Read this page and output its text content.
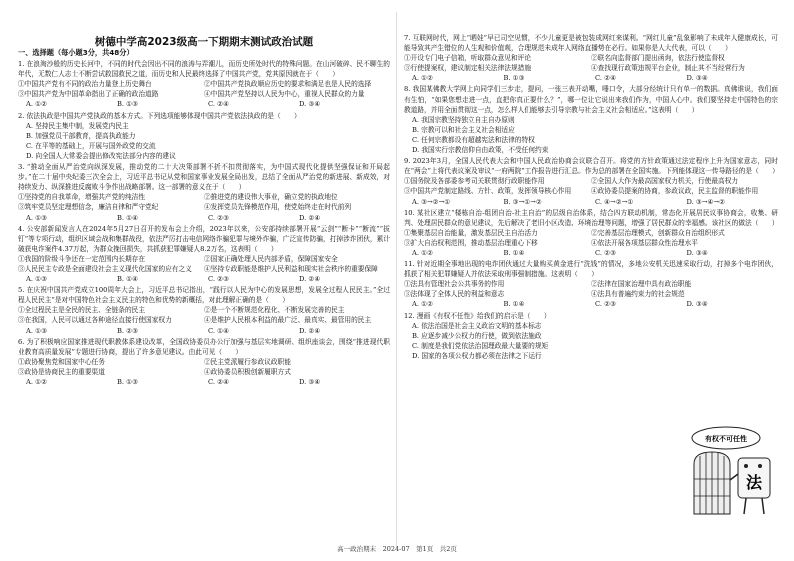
树德中学高2023级高一下期期末测试政治试题
一、选择题（每小题3分，共48分）

1. 在浪淘沙般的历史长河中，不同的时代会因出不同的浪涛与弄潮儿，而历史所处时代的特殊问题。在山河破碎、民不聊生的年代，无数仁人志士不断尝试救国救民之道，而历史和人民最终选择了中国共产党，党其原因就在于（　　）

①中国共产党有不同的政治力量登上历史舞台	②中国共产党执政顺应历史的要求和满足也是人民的选择
③中国共产党为中国革命指出了正确的政治道路	④中国共产党坚持以人民为中心，重视人民群众的力量
A. ①②	B. ①③	C. ②④	D. ③④

2. 依法执政是中国共产党执政的基本方式。下列选项能够体现中国共产党依法执政的是（　　）

A. 坚持民主集中制，发展党内民主

B. 加强党员干部教育，提高执政能力

C. 在平等的基础上，开展与国外政党的交流

D. 向全国人大常委会提出修改宪法部分内容的建议

3. “推动全面从严治党向纵深发展，推动党的二十大决策部署不折不扣贯彻落实，为中国式现代化提供坚强保证和开局起步。”在二十届中央纪委三次全会上，习近平总书记从党和国家事业发展全局出发，总结了全面从严治党的新进展、新成效，对持续发力、纵深推进反腐败斗争作出战略部署。这一部署的意义在于（　　）

①坚持党的自我革命，增强共产党的纯洁性	②推进党的建设伟大事业，确立党的执政地位
③筑牢党员坚定理想信念，廉洁自律和严守党纪	④发挥党员先锋模范作用，使党始终走在时代前列
A. ①③	B. ①④	C. ②③	D. ②④

4. 公安部新闻发言人在2024年5月27日召开的发布会上介绍，2023年以来，公安部持续部署开展“云剑”“断卡”“断流”“拔钉”等专项行动，组织区域会战和集群战役，依法严厉打击电信网络诈骗犯罪与境外诈骗，广泛宣传防骗，打掉涉诈团伙，累计破获电诈案件4.37万起，为群众挽回损失，共抓获犯罪嫌疑人8.2万名，这表明（　　）

①我国的阶级斗争还在一定范围内长期存在	②国家正确处理人民内部矛盾，保障国家安全
③人民民主专政是全面建设社会主义现代化国家的应有之义	④坚持专政职能是维护人民利益和现实社会秩序的重要保障
A. ①③	B. ①④	C. ②③	D. ②④

5. 在庆祝中国共产党成立100周年大会上，习近平总书记指出，“践行以人民为中心的发展思想，发展全过程人民民主。”全过程人民民主”是对中国特色社会主义民主的特色和优势的新概括，对此理解正确的是（　　）

①全过程民主是全民的民主、全链条的民主	②是一个不断规范化程化、不断发展完善的民主
③在我国，人民可以通过各种途径直接行使国家权力	④是维护人民根本利益的最广泛、最真实、最管用的民主
A. ①③	B. ②③	C. ①④	D. ②④

6. 为了积极响应国家推进现代职教体系建设改革，全国政协委员办公厅加强与基层实地调研、组织座谈会，围绕“推进现代职业教育高质量发展”专题进行协商，提出了许多意见建议。由此可见（　　）

①政协聚焦党和国家中心任务	②民主党派履行参政议政职能
③政协是协商民主的重要渠道	④政协委员积极创新履职方式
A. ①②	B. ①③	C. ②④	D. ③④

7. 互联网时代，网上“晒娃”早已司空见惯，不少儿童更是被包装成网红来谋利。“网红儿童”乱象影响了未成年人健康成长，可能导致其产生错位的人生观和价值观，合理规范未成年人网络直播势在必行。如果你是人大代表，可以（　　）

①开设专门电子信箱，听取群众意见和评论	②联名向监督部门提出函询，依法行使监督权
③行使提案权，建议制定相关法律法规措施	④查找现行政策违规平台企业，制止其不当经营行为
A. ①②	B. ①③	C. ②④	D. ③④

8. 我国某佛教大学网上向同学们三步走，提问，一张三表开动嘴，唾口令，大部分经统计只有单一的数据。真佛谁说，我们面有生怕，“如果您想走进一点，直把你真正要什么？”，哪一位让它说出来我们作为，中国人心中。我们要坚持走中国特色的宗教道路，并用全面贯彻这一点，怎么样人们能够去引导宗教与社会主义社会相适应。”这表明（　　）

A. 我国宗教坚持独立自主自办原则

B. 宗教可以和社会主义社会相适应

C. 任何宗教都设有超越宪法和法律的特权

D. 我国实行宗教信仰自由政策，不受任何约束

9. 2023年3月，全国人民代表大会和中国人民政治协商会议联合召开。将党的方针政策通过法定程序上升为国家意志，同时在“两会”上将代表议案及审议“一府两院”工作报告进行汇总。作为总的部署在全国实施。下列能体现这一传导路径的是（　　）

①国务院及各部委参考司关联贯彻行政职能作用	②全国人大作为最高国家权力机关，行使最高权力
③中国共产党制定路线、方针、政策，发挥领导核心作用	④政协委员提案的协商，参政议政，民主监督的职能作用
A. ③→②→①	B. ③→①→②	C. ④→②→①	D. ③→④→②

10. 某社区建立“楼栋自治-组团自治-社主自治”的层级自治体系，结合四方联动机制，常态化开展居民议事协商会，收集、研判、处理居民群众的意见建议，先后解决了老旧小区改造、环境治理等问题，增强了居民群众的幸福感。该社区的做法（　　）

①集聚基层自治能量，激发基层民主自治活力	②完善基层治理模式，创新群众自治组织形式
③扩大自治权利范围，推动基层治理重心下移	④依法开展各项基层群众性治理水平
A. ①②	B. ①④	C. ②③	D. ③④

11. 针对近期全事地出现的电诈团伙通过大量购买黄金进行“洗钱”的情况，多地公安机关迅速采取行动，打掉多个电诈团伙，抓获了相关犯罪嫌疑人并依法采取刑事强制措施。这表明（　　）

①法具有管理社会公共事务的作用	②法律在国家治理中具有政治职能
③法体现了全体人民的利益和意志	④法具有普遍约束力的社会规范
A. ①②	B. ①④	C. ②③	D. ③④

12. 漫画《有权不任性》给我们的启示是（　　）

A. 依法治国是社会主义政治文明的基本标志

B. 应逐步减少公权力的行使，做到依法施政

C. 制度是我们党依法治国理政最大量要的规矩

D. 国家的各项公权力都必须在法律之下运行

有权不可任性
法
高一政治期末　2024-07　第1页　共2页
